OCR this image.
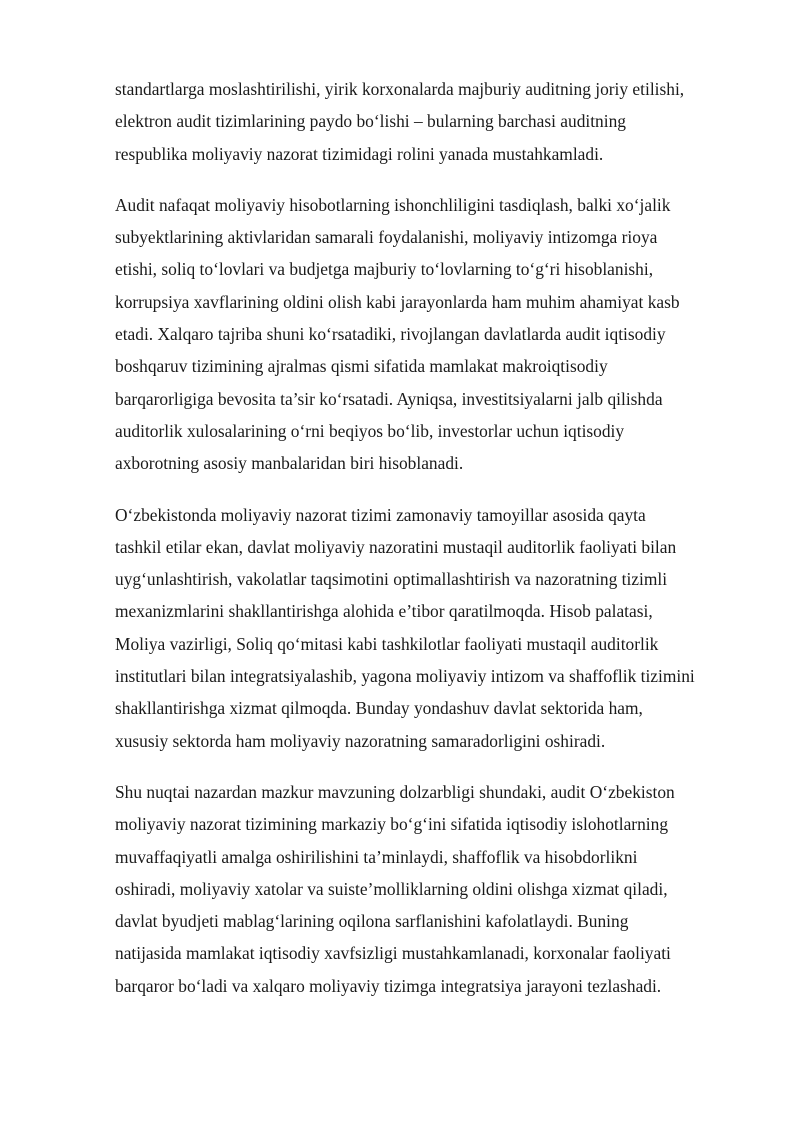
standartlarga moslashtirilishi, yirik korxonalarda majburiy auditning joriy etilishi,
elektron audit tizimlarining paydo bo‘lishi – bularning barchasi auditning
respublika moliyaviy nazorat tizimidagi rolini yanada mustahkamladi.

Audit nafaqat moliyaviy hisobotlarning ishonchliligini tasdiqlash, balki xo‘jalik
subyektlarining aktivlaridan samarali foydalanishi, moliyaviy intizomga rioya
etishi, soliq to‘lovlari va budjetga majburiy to‘lovlarning to‘g‘ri hisoblanishi,
korrupsiya xavflarining oldini olish kabi jarayonlarda ham muhim ahamiyat kasb
etadi. Xalqaro tajriba shuni ko‘rsatadiki, rivojlangan davlatlarda audit iqtisodiy
boshqaruv tizimining ajralmas qismi sifatida mamlakat makroiqtisodiy
barqarorligiga bevosita ta’sir ko‘rsatadi. Ayniqsa, investitsiyalarni jalb qilishda
auditorlik xulosalarining o‘rni beqiyos bo‘lib, investorlar uchun iqtisodiy
axborotning asosiy manbalaridan biri hisoblanadi.

O‘zbekistonda moliyaviy nazorat tizimi zamonaviy tamoyillar asosida qayta
tashkil etilar ekan, davlat moliyaviy nazoratini mustaqil auditorlik faoliyati bilan
uyg‘unlashtirish, vakolatlar taqsimotini optimallashtirish va nazoratning tizimli
mexanizmlarini shakllantirishga alohida e’tibor qaratilmoqda. Hisob palatasi,
Moliya vazirligi, Soliq qo‘mitasi kabi tashkilotlar faoliyati mustaqil auditorlik
institutlari bilan integratsiyalashib, yagona moliyaviy intizom va shaffoflik tizimini
shakllantirishga xizmat qilmoqda. Bunday yondashuv davlat sektorida ham,
xususiy sektorda ham moliyaviy nazoratning samaradorligini oshiradi.

Shu nuqtai nazardan mazkur mavzuning dolzarbligi shundaki, audit O‘zbekiston
moliyaviy nazorat tizimining markaziy bo‘g‘ini sifatida iqtisodiy islohotlarning
muvaffaqiyatli amalga oshirilishini ta’minlaydi, shaffoflik va hisobdorlikni
oshiradi, moliyaviy xatolar va suiste’molliklarning oldini olishga xizmat qiladi,
davlat byudjeti mablag‘larining oqilona sarflanishini kafolatlaydi. Buning
natijasida mamlakat iqtisodiy xavfsizligi mustahkamlanadi, korxonalar faoliyati
barqaror bo‘ladi va xalqaro moliyaviy tizimga integratsiya jarayoni tezlashadi.
